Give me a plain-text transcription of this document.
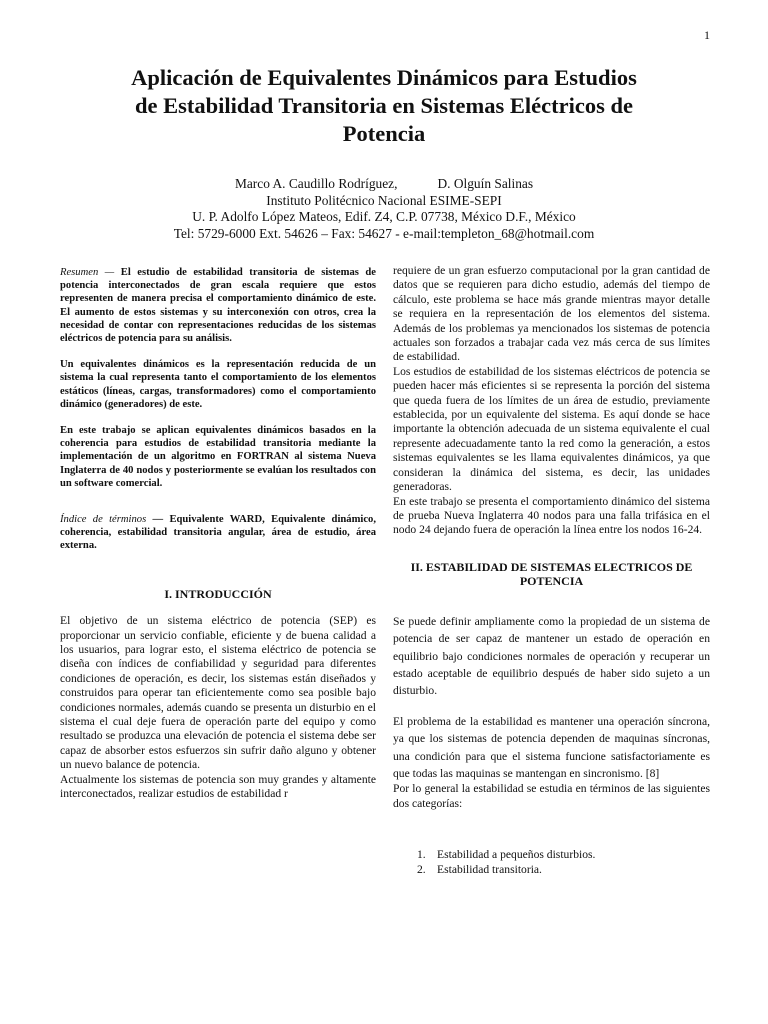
1
Aplicación de Equivalentes Dinámicos para Estudios
de Estabilidad Transitoria en Sistemas Eléctricos de
Potencia
Marco A. Caudillo Rodríguez,	D. Olguín Salinas
Instituto Politécnico Nacional ESIME-SEPI
U. P. Adolfo López Mateos, Edif. Z4, C.P. 07738, México D.F., México
Tel: 5729-6000 Ext. 54626 – Fax: 54627 - e-mail:templeton_68@hotmail.com

Resumen — El estudio de estabilidad transitoria de sistemas de potencia interconectados de gran escala requiere que estos representen de manera precisa el comportamiento dinámico de este. El aumento de estos sistemas y su interconexión con otros, crea la necesidad de contar con representaciones reducidas de los sistemas eléctricos de potencia para su análisis.

Un equivalentes dinámicos es la representación reducida de un sistema la cual representa tanto el comportamiento de los elementos estáticos (líneas, cargas, transformadores) como el comportamiento dinámico (generadores) de este.

En este trabajo se aplican equivalentes dinámicos basados en la coherencia para estudios de estabilidad transitoria mediante la implementación de un algoritmo en FORTRAN al sistema Nueva Inglaterra de 40 nodos y posteriormente se evalúan los resultados con un software comercial.

Índice de términos — Equivalente WARD, Equivalente dinámico, coherencia, estabilidad transitoria angular, área de estudio, área externa.

I. INTRODUCCIÓN

El objetivo de un sistema eléctrico de potencia (SEP) es proporcionar un servicio confiable, eficiente y de buena calidad a los usuarios, para lograr esto, el sistema eléctrico de potencia se diseña con índices de confiabilidad y seguridad para diferentes condiciones de operación, es decir, los sistemas están diseñados y construidos para operar tan eficientemente como sea posible bajo condiciones normales, además cuando se presenta un disturbio en el sistema el cual deje fuera de operación parte del equipo y como resultado se produzca una elevación de potencia el sistema debe ser capaz de absorber estos esfuerzos sin sufrir daño alguno y obtener un nuevo balance de potencia.

Actualmente los sistemas de potencia son muy grandes y altamente interconectados, realizar estudios de estabilidad r

requiere de un gran esfuerzo computacional por la gran cantidad de datos que se requieren para dicho estudio, además del tiempo de cálculo, este problema se hace más grande mientras mayor detalle se requiera en la representación de los elementos del sistema. Además de los problemas ya mencionados los sistemas de potencia actuales son forzados a trabajar cada vez más cerca de sus límites de estabilidad.

Los estudios de estabilidad de los sistemas eléctricos de potencia se pueden hacer más eficientes si se representa la porción del sistema que queda fuera de los límites de un área de estudio, previamente establecida, por un equivalente del sistema. Es aquí donde se hace importante la obtención adecuada de un sistema equivalente el cual represente adecuadamente tanto la red como la generación, a estos sistemas equivalentes se les llama equivalentes dinámicos, ya que consideran la dinámica del sistema, es decir, las unidades generadoras.

En este trabajo se presenta el comportamiento dinámico del sistema de prueba Nueva Inglaterra 40 nodos para una falla trifásica en el nodo 24 dejando fuera de operación la línea entre los nodos 16-24.

II. ESTABILIDAD DE SISTEMAS ELECTRICOS DE
POTENCIA

Se puede definir ampliamente como la propiedad de un sistema de potencia de ser capaz de mantener un estado de operación en equilibrio bajo condiciones normales de operación y recuperar un estado aceptable de equilibrio después de haber sido sujeto a un disturbio.

El problema de la estabilidad es mantener una operación síncrona, ya que los sistemas de potencia dependen de maquinas síncronas, una condición para que el sistema funcione satisfactoriamente es que todas las maquinas se mantengan en sincronismo. [8]

Por lo general la estabilidad se estudia en términos de las siguientes dos categorías:

1. Estabilidad a pequeños disturbios.
2. Estabilidad transitoria.
